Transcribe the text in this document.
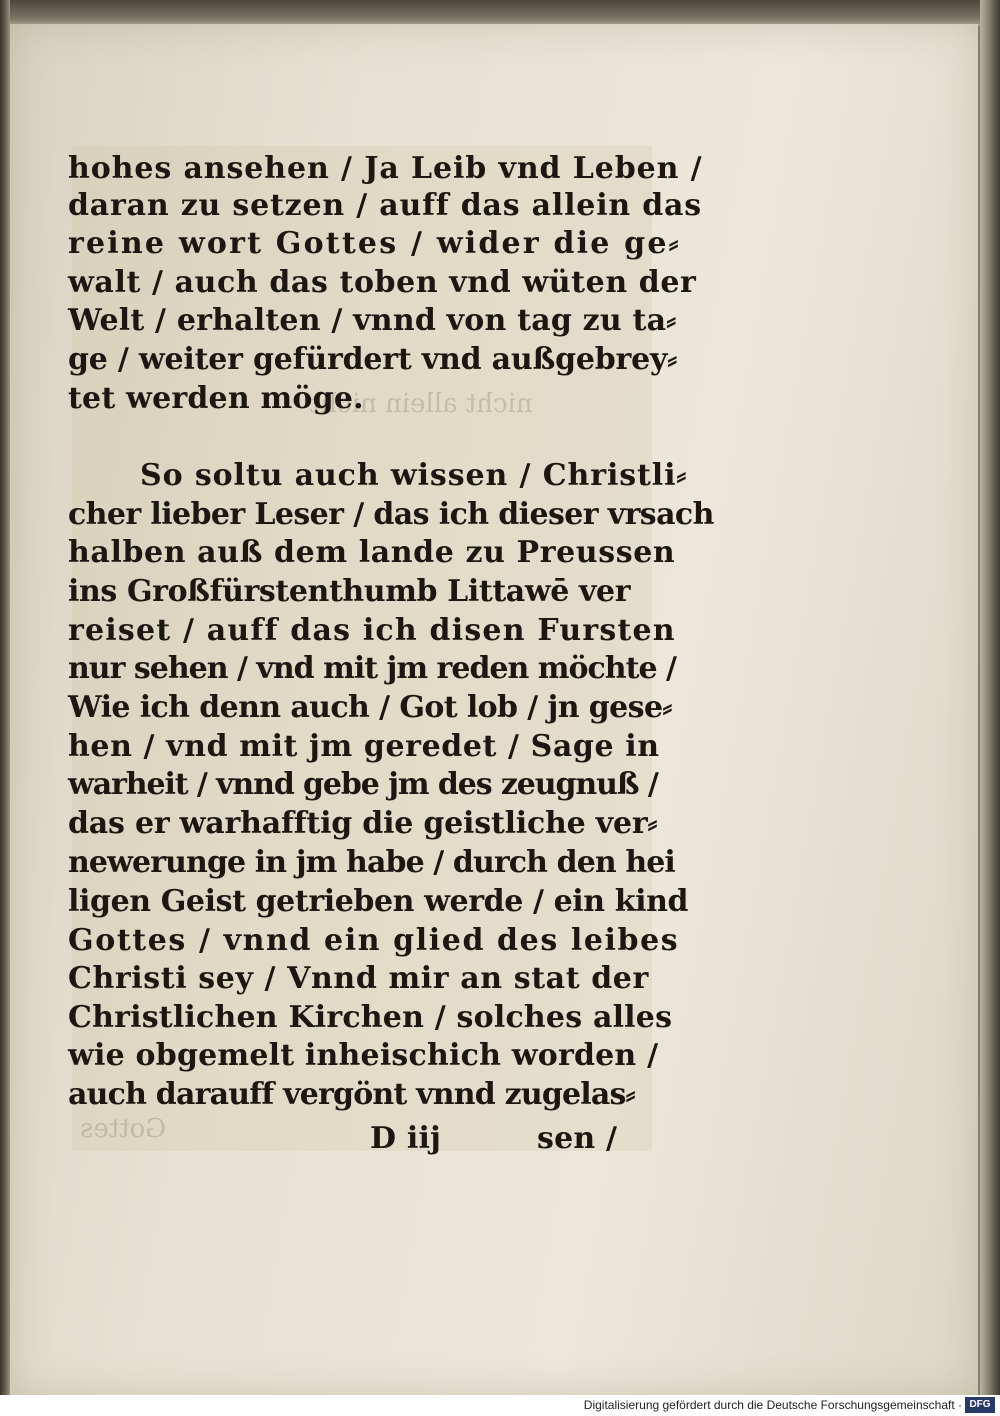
nicht allein nicht
Gottes
hohes ansehen / Ja Leib vnd Leben /
daran zu setzen / auff das allein das
reine wort Gottes / wider die ge⸗
walt / auch das toben vnd wüten der
Welt / erhalten / vnnd von tag zu ta⸗
ge / weiter gefürdert vnd außgebrey⸗
tet werden möge.
So soltu auch wissen / Christli⸗
cher lieber Leser / das ich dieser vrsach
halben auß dem lande zu Preussen
ins Großfürstenthumb Littawē ver
reiset / auff das ich disen Fursten
nur sehen / vnd mit jm reden möchte /
Wie ich denn auch / Got lob / jn gese⸗
hen / vnd mit jm geredet / Sage in
warheit / vnnd gebe jm des zeugnuß /
das er warhafftig die geistliche ver⸗
newerunge in jm habe / durch den hei
ligen Geist getrieben werde / ein kind
Gottes / vnnd ein glied des leibes
Christi sey / Vnnd mir an stat der
Christlichen Kirchen / solches alles
wie obgemelt inheischich worden /
auch darauff vergönt vnnd zugelas⸗
D iij	sen /
Digitalisierung gefördert durch die Deutsche Forschungsgemeinschaft · DFG
